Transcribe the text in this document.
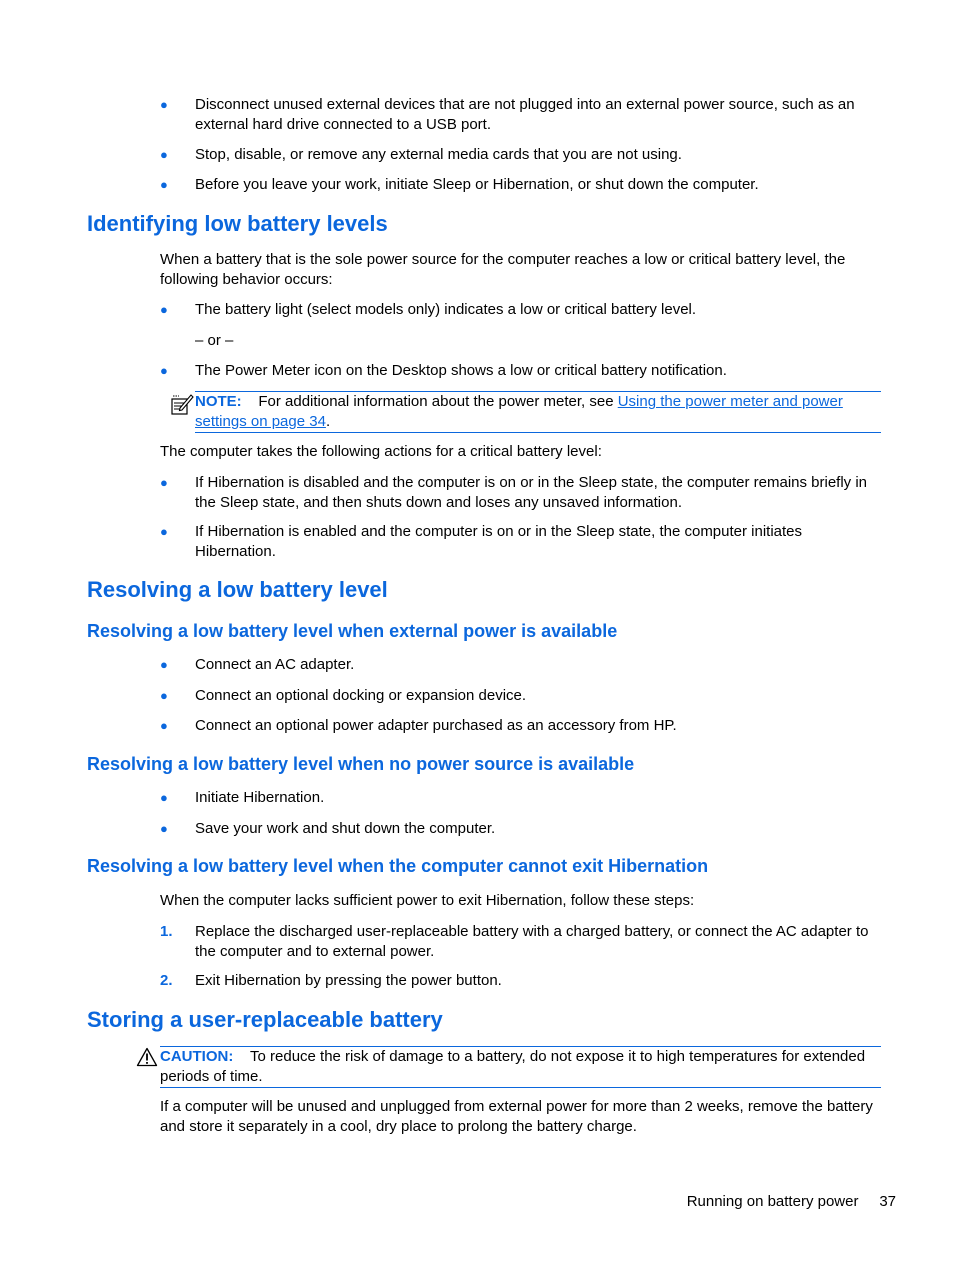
● Disconnect unused external devices that are not plugged into an external power source, such as an external hard drive connected to a USB port.
● Stop, disable, or remove any external media cards that you are not using.
● Before you leave your work, initiate Sleep or Hibernation, or shut down the computer.
Identifying low battery levels
When a battery that is the sole power source for the computer reaches a low or critical battery level, the following behavior occurs:
● The battery light (select models only) indicates a low or critical battery level.
– or –
● The Power Meter icon on the Desktop shows a low or critical battery notification.
NOTE: For additional information about the power meter, see Using the power meter and power settings on page 34.
The computer takes the following actions for a critical battery level:
● If Hibernation is disabled and the computer is on or in the Sleep state, the computer remains briefly in the Sleep state, and then shuts down and loses any unsaved information.
● If Hibernation is enabled and the computer is on or in the Sleep state, the computer initiates Hibernation.
Resolving a low battery level
Resolving a low battery level when external power is available
● Connect an AC adapter.
● Connect an optional docking or expansion device.
● Connect an optional power adapter purchased as an accessory from HP.
Resolving a low battery level when no power source is available
● Initiate Hibernation.
● Save your work and shut down the computer.
Resolving a low battery level when the computer cannot exit Hibernation
When the computer lacks sufficient power to exit Hibernation, follow these steps:
1. Replace the discharged user-replaceable battery with a charged battery, or connect the AC adapter to the computer and to external power.
2. Exit Hibernation by pressing the power button.
Storing a user-replaceable battery
CAUTION: To reduce the risk of damage to a battery, do not expose it to high temperatures for extended periods of time.
If a computer will be unused and unplugged from external power for more than 2 weeks, remove the battery and store it separately in a cool, dry place to prolong the battery charge.
Running on battery power 37
